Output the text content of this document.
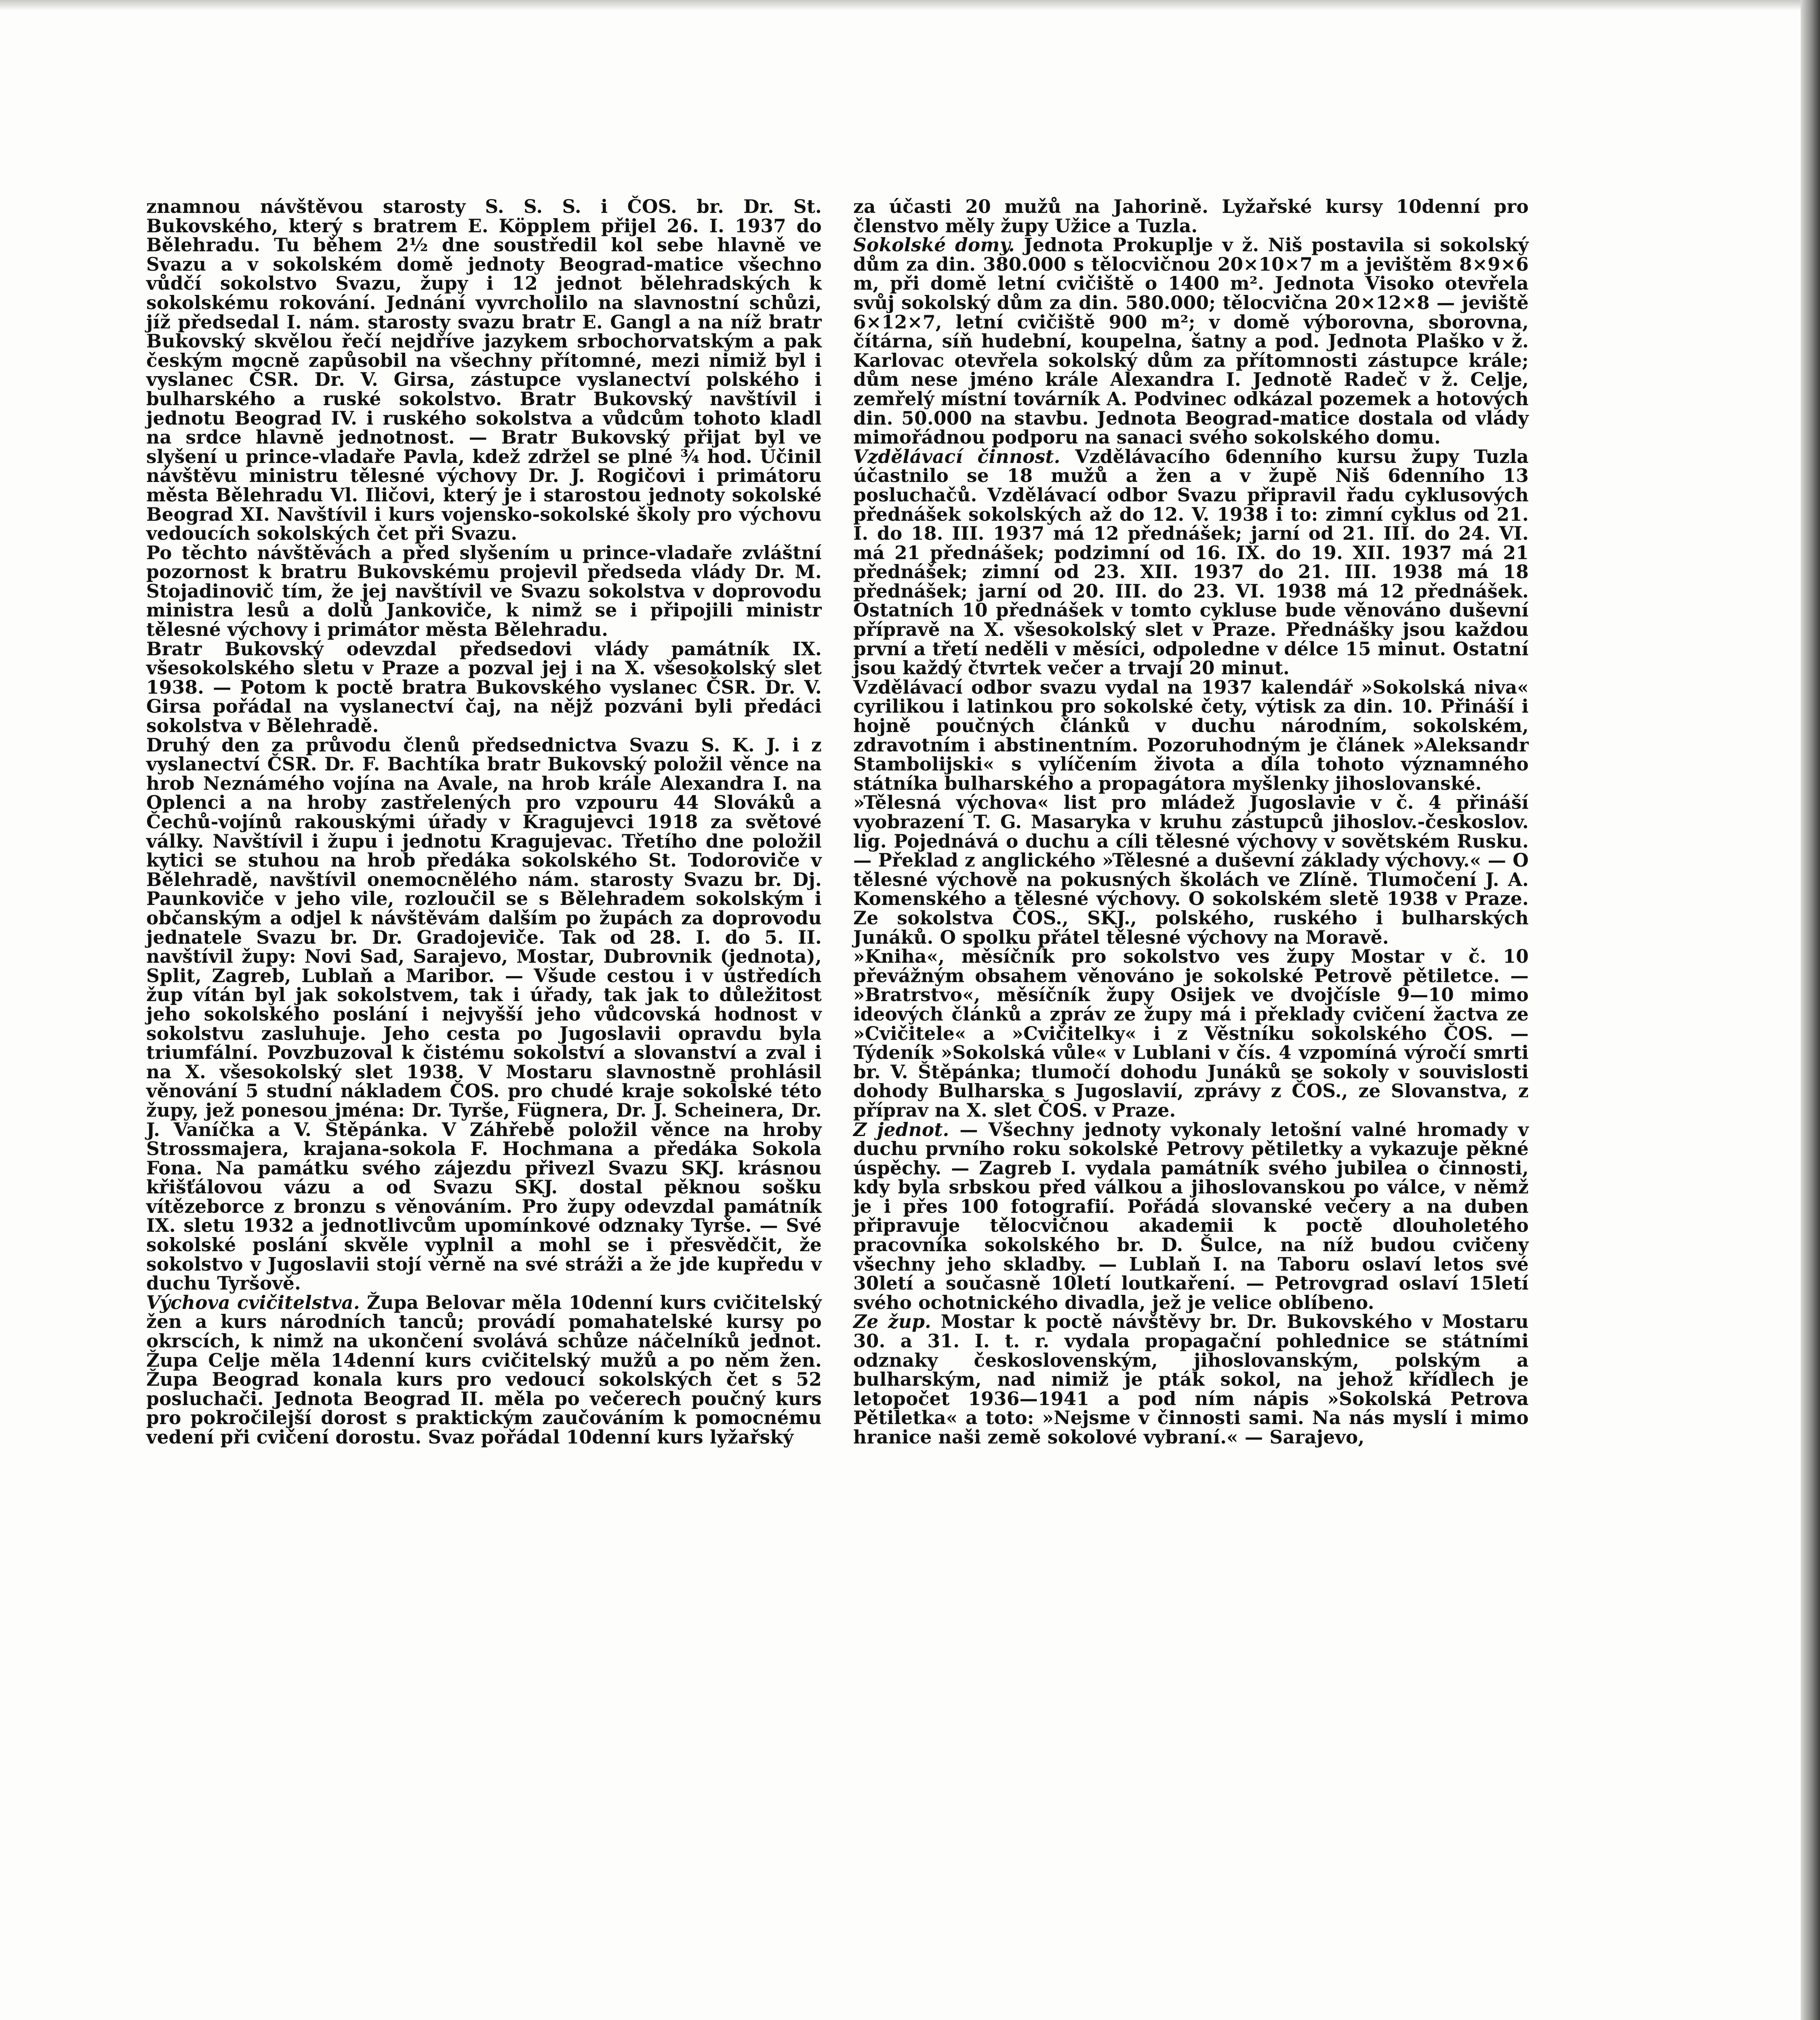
znamnou návštěvou starosty S. S. S. i ČOS. br. Dr. St. Bukovského, který s bratrem E. Köpplem přijel 26. I. 1937 do Bělehradu. Tu během 2½ dne soustředil kol sebe hlavně ve Svazu a v sokolském domě jednoty Beograd-matice všechno vůdčí sokolstvo Svazu, župy i 12 jednot bělehradských k sokolskému rokování. Jednání vyvrcholilo na slavnostní schůzi, jíž předsedal I. nám. starosty svazu bratr E. Gangl a na níž bratr Bukovský skvělou řečí nejdříve jazykem srbochorvatským a pak českým mocně zapůsobil na všechny přítomné, mezi nimiž byl i vyslanec ČSR. Dr. V. Girsa, zástupce vyslanectví polského i bulharského a ruské sokolstvo. Bratr Bukovský navštívil i jednotu Beograd IV. i ruského sokolstva a vůdcům tohoto kladl na srdce hlavně jednotnost. — Bratr Bukovský přijat byl ve slyšení u prince-vladaře Pavla, kdež zdržel se plné ¾ hod. Učinil návštěvu ministru tělesné výchovy Dr. J. Rogičovi i primátoru města Bělehradu Vl. Iličovi, který je i starostou jednoty sokolské Beograd XI. Navštívil i kurs vojensko-sokolské školy pro výchovu vedoucích sokolských čet při Svazu.

Po těchto návštěvách a před slyšením u prince-vladaře zvláštní pozornost k bratru Bukovskému projevil předseda vlády Dr. M. Stojadinovič tím, že jej navštívil ve Svazu sokolstva v doprovodu ministra lesů a dolů Jankoviče, k nimž se i připojili ministr tělesné výchovy i primátor města Bělehradu.

Bratr Bukovský odevzdal předsedovi vlády památník IX. všesokolského sletu v Praze a pozval jej i na X. všesokolský slet 1938. — Potom k poctě bratra Bukovského vyslanec ČSR. Dr. V. Girsa pořádal na vyslanectví čaj, na nějž pozváni byli předáci sokolstva v Bělehradě.

Druhý den za průvodu členů předsednictva Svazu S. K. J. i z vyslanectví ČSR. Dr. F. Bachtíka bratr Bukovský položil věnce na hrob Neznámého vojína na Avale, na hrob krále Alexandra I. na Oplenci a na hroby zastřelených pro vzpouru 44 Slováků a Čechů-vojínů rakouskými úřady v Kragujevci 1918 za světové války. Navštívil i župu i jednotu Kragujevac. Třetího dne položil kytici se stuhou na hrob předáka sokolského St. Todoroviče v Bělehradě, navštívil onemocnělého nám. starosty Svazu br. Dj. Paunkoviče v jeho vile, rozloučil se s Bělehradem sokolským i občanským a odjel k návštěvám dalším po župách za doprovodu jednatele Svazu br. Dr. Gradojeviče. Tak od 28. I. do 5. II. navštívil župy: Novi Sad, Sarajevo, Mostar, Dubrovnik (jednota), Split, Zagreb, Lublaň a Maribor. — Všude cestou i v ústředích žup vítán byl jak sokolstvem, tak i úřady, tak jak to důležitost jeho sokolského poslání i nejvyšší jeho vůdcovská hodnost v sokolstvu zasluhuje. Jeho cesta po Jugoslavii opravdu byla triumfální. Povzbuzoval k čistému sokolství a slovanství a zval i na X. všesokolský slet 1938. V Mostaru slavnostně prohlásil věnování 5 studní nákladem ČOS. pro chudé kraje sokolské této župy, jež ponesou jména: Dr. Tyrše, Fügnera, Dr. J. Scheinera, Dr. J. Vaníčka a V. Štěpánka. V Záhřebě položil věnce na hroby Strossmajera, krajana-sokola F. Hochmana a předáka Sokola Fona. Na památku svého zájezdu přivezl Svazu SKJ. krásnou křišťálovou vázu a od Svazu SKJ. dostal pěknou sošku vítězeborce z bronzu s věnováním. Pro župy odevzdal památník IX. sletu 1932 a jednotlivcům upomínkové odznaky Tyrše. — Své sokolské poslání skvěle vyplnil a mohl se i přesvědčit, že sokolstvo v Jugoslavii stojí věrně na své stráži a že jde kupředu v duchu Tyršově.

Výchova cvičitelstva. Župa Belovar měla 10denní kurs cvičitelský žen a kurs národních tanců; provádí pomahatelské kursy po okrscích, k nimž na ukončení svolává schůze náčelníků jednot. Župa Celje měla 14denní kurs cvičitelský mužů a po něm žen. Župa Beograd konala kurs pro vedoucí sokolských čet s 52 posluchači. Jednota Beograd II. měla po večerech poučný kurs pro pokročilejší dorost s praktickým zaučováním k pomocnému vedení při cvičení dorostu. Svaz pořádal 10denní kurs lyžařský

za účasti 20 mužů na Jahorině. Lyžařské kursy 10denní pro členstvo měly župy Užice a Tuzla.

Sokolské domy. Jednota Prokuplje v ž. Niš postavila si sokolský dům za din. 380.000 s tělocvičnou 20×10×7 m a jevištěm 8×9×6 m, při domě letní cvičiště o 1400 m². Jednota Visoko otevřela svůj sokolský dům za din. 580.000; tělocvična 20×12×8 — jeviště 6×12×7, letní cvičiště 900 m²; v domě výborovna, sborovna, čítárna, síň hudební, koupelna, šatny a pod. Jednota Plaško v ž. Karlovac otevřela sokolský dům za přítomnosti zástupce krále; dům nese jméno krále Alexandra I. Jednotě Radeč v ž. Celje, zemřelý místní továrník A. Podvinec odkázal pozemek a hotových din. 50.000 na stavbu. Jednota Beograd-matice dostala od vlády mimořádnou podporu na sanaci svého sokolského domu.

Vzdělávací činnost. Vzdělávacího 6denního kursu župy Tuzla účastnilo se 18 mužů a žen a v župě Niš 6denního 13 posluchačů. Vzdělávací odbor Svazu připravil řadu cyklusových přednášek sokolských až do 12. V. 1938 i to: zimní cyklus od 21. I. do 18. III. 1937 má 12 přednášek; jarní od 21. III. do 24. VI. má 21 přednášek; podzimní od 16. IX. do 19. XII. 1937 má 21 přednášek; zimní od 23. XII. 1937 do 21. III. 1938 má 18 přednášek; jarní od 20. III. do 23. VI. 1938 má 12 přednášek. Ostatních 10 přednášek v tomto cykluse bude věnováno duševní přípravě na X. všesokolský slet v Praze. Přednášky jsou každou první a třetí neděli v měsíci, odpoledne v délce 15 minut. Ostatní jsou každý čtvrtek večer a trvají 20 minut.

Vzdělávací odbor svazu vydal na 1937 kalendář »Sokolská niva« cyrilikou i latinkou pro sokolské čety, výtisk za din. 10. Přináší i hojně poučných článků v duchu národním, sokolském, zdravotním i abstinentním. Pozoruhodným je článek »Aleksandr Stambolijski« s vylíčením života a díla tohoto významného státníka bulharského a propagátora myšlenky jihoslovanské.

»Tělesná výchova« list pro mládež Jugoslavie v č. 4 přináší vyobrazení T. G. Masaryka v kruhu zástupců jihoslov.-českoslov. lig. Pojednává o duchu a cíli tělesné výchovy v sovětském Rusku. — Překlad z anglického »Tělesné a duševní základy výchovy.« — O tělesné výchově na pokusných školách ve Zlíně. Tlumočení J. A. Komenského a tělesné výchovy. O sokolském sletě 1938 v Praze. Ze sokolstva ČOS., SKJ., polského, ruského i bulharských Junáků. O spolku přátel tělesné výchovy na Moravě.

»Kniha«, měsíčník pro sokolstvo ves župy Mostar v č. 10 převážným obsahem věnováno je sokolské Petrově pětiletce. — »Bratrstvo«, měsíčník župy Osijek ve dvojčísle 9—10 mimo ideových článků a zpráv ze župy má i překlady cvičení žactva ze »Cvičitele« a »Cvičitelky« i z Věstníku sokolského ČOS. — Týdeník »Sokolská vůle« v Lublani v čís. 4 vzpomíná výročí smrti br. V. Štěpánka; tlumočí dohodu Junáků se sokoly v souvislosti dohody Bulharska s Jugoslavií, zprávy z ČOS., ze Slovanstva, z příprav na X. slet ČOS. v Praze.

Z jednot. — Všechny jednoty vykonaly letošní valné hromady v duchu prvního roku sokolské Petrovy pětiletky a vykazuje pěkné úspěchy. — Zagreb I. vydala památník svého jubilea o činnosti, kdy byla srbskou před válkou a jihoslovanskou po válce, v němž je i přes 100 fotografií. Pořádá slovanské večery a na duben připravuje tělocvičnou akademii k poctě dlouholetého pracovníka sokolského br. D. Šulce, na níž budou cvičeny všechny jeho skladby. — Lublaň I. na Taboru oslaví letos své 30letí a současně 10letí loutkaření. — Petrovgrad oslaví 15letí svého ochotnického divadla, jež je velice oblíbeno.

Ze žup. Mostar k poctě návštěvy br. Dr. Bukovského v Mostaru 30. a 31. I. t. r. vydala propagační pohlednice se státními odznaky československým, jihoslovanským, polským a bulharským, nad nimiž je pták sokol, na jehož křídlech je letopočet 1936—1941 a pod ním nápis »Sokolská Petrova Pětiletka« a toto: »Nejsme v činnosti sami. Na nás myslí i mimo hranice naši země sokolové vybraní.« — Sarajevo,
